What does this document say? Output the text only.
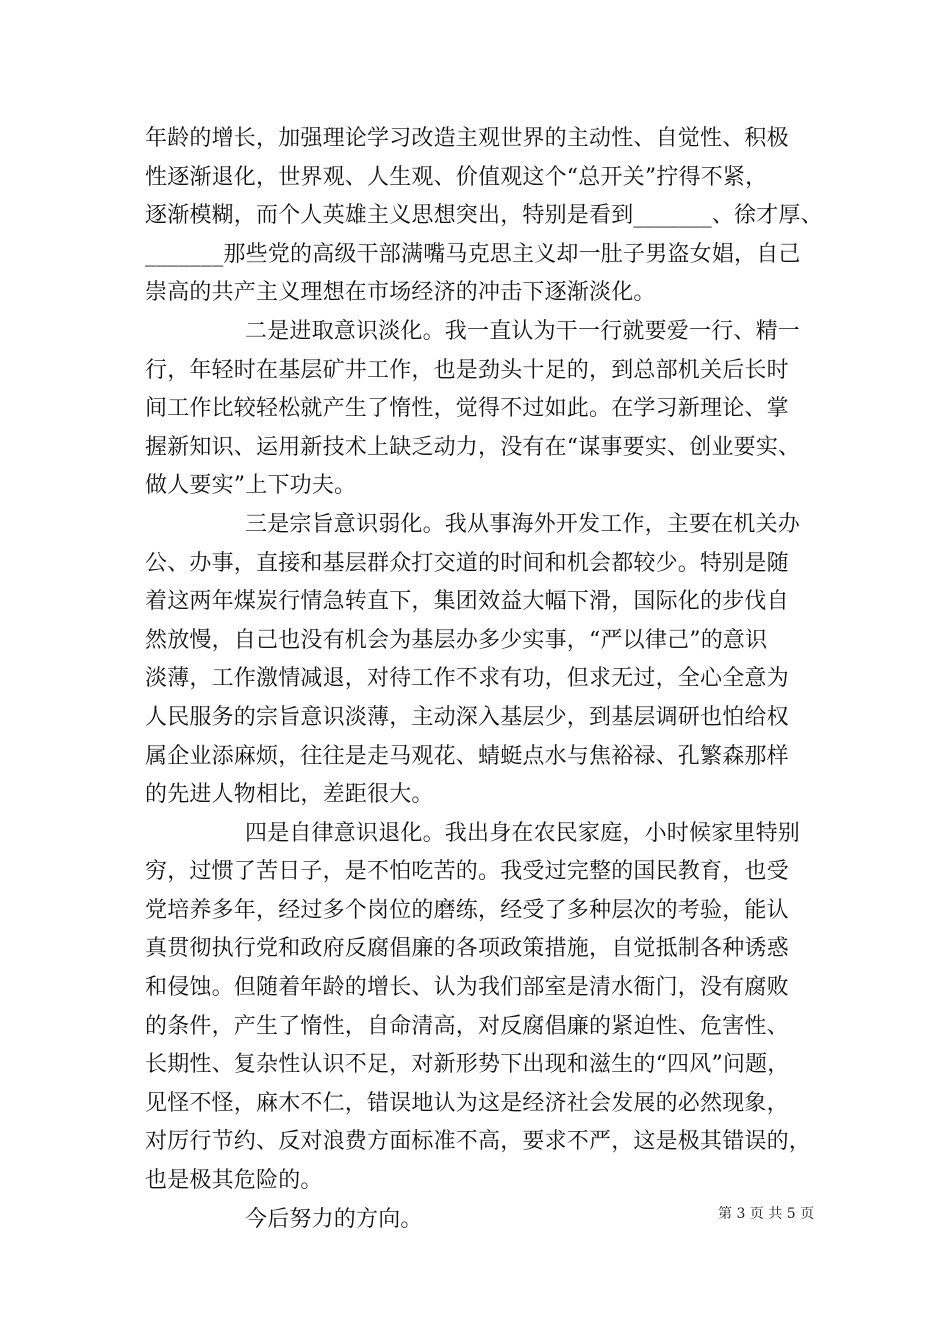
年龄的增长，加强理论学习改造主观世界的主动性、自觉性、积极
性逐渐退化，世界观、人生观、价值观这个“总开关”拧得不紧，
逐渐模糊，而个人英雄主义思想突出，特别是看到_______、徐才厚、
_______那些党的高级干部满嘴马克思主义却一肚子男盗女娼，自己
崇高的共产主义理想在市场经济的冲击下逐渐淡化。
二是进取意识淡化。我一直认为干一行就要爱一行、精一
行，年轻时在基层矿井工作，也是劲头十足的，到总部机关后长时
间工作比较轻松就产生了惰性，觉得不过如此。在学习新理论、掌
握新知识、运用新技术上缺乏动力，没有在“谋事要实、创业要实、
做人要实”上下功夫。
三是宗旨意识弱化。我从事海外开发工作，主要在机关办
公、办事，直接和基层群众打交道的时间和机会都较少。特别是随
着这两年煤炭行情急转直下，集团效益大幅下滑，国际化的步伐自
然放慢，自己也没有机会为基层办多少实事，“严以律己”的意识
淡薄，工作激情减退，对待工作不求有功，但求无过，全心全意为
人民服务的宗旨意识淡薄，主动深入基层少，到基层调研也怕给权
属企业添麻烦，往往是走马观花、蜻蜓点水与焦裕禄、孔繁森那样
的先进人物相比，差距很大。
四是自律意识退化。我出身在农民家庭，小时候家里特别
穷，过惯了苦日子，是不怕吃苦的。我受过完整的国民教育，也受
党培养多年，经过多个岗位的磨练，经受了多种层次的考验，能认
真贯彻执行党和政府反腐倡廉的各项政策措施，自觉抵制各种诱惑
和侵蚀。但随着年龄的增长、认为我们部室是清水衙门，没有腐败
的条件，产生了惰性，自命清高，对反腐倡廉的紧迫性、危害性、
长期性、复杂性认识不足，对新形势下出现和滋生的“四风”问题，
见怪不怪，麻木不仁，错误地认为这是经济社会发展的必然现象，
对厉行节约、反对浪费方面标准不高，要求不严，这是极其错误的，
也是极其危险的。
今后努力的方向。	第 3 页 共 5 页
